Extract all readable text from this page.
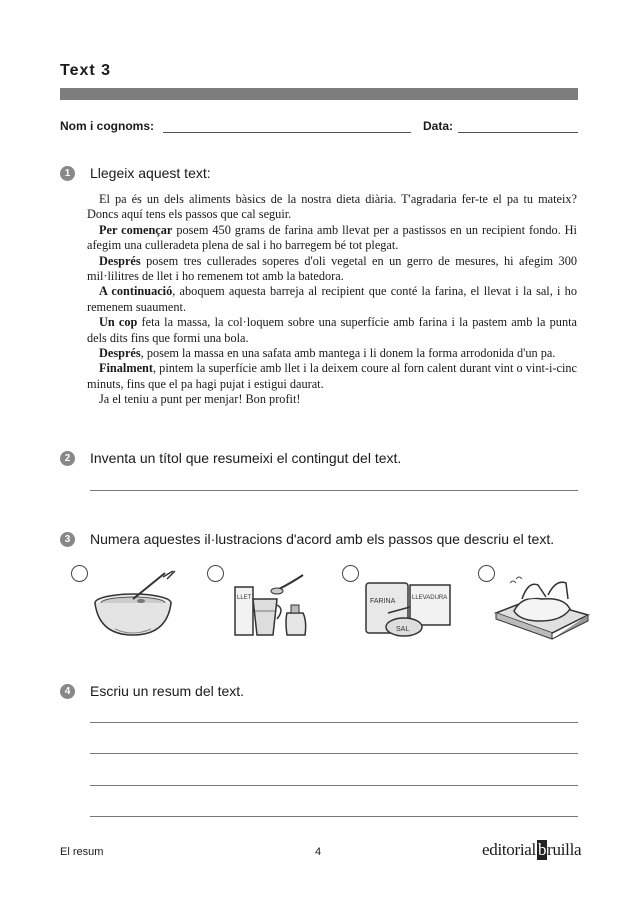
Text 3
Nom i cognoms:	Data:
1	Llegeix aquest text:

El pa és un dels aliments bàsics de la nostra dieta diària. T'agradaria fer-te el pa tu mateix? Doncs aquí tens els passos que cal seguir.

Per començar posem 450 grams de farina amb llevat per a pastissos en un recipient fondo. Hi afegim una culleradeta plena de sal i ho barregem bé tot plegat.

Després posem tres cullerades soperes d'oli vegetal en un gerro de mesures, hi afegim 300 mil·lilitres de llet i ho remenem tot amb la batedora.

A continuació, aboquem aquesta barreja al recipient que conté la farina, el llevat i la sal, i ho remenem suaument.

Un cop feta la massa, la col·loquem sobre una superfície amb farina i la pastem amb la punta dels dits fins que formi una bola.

Després, posem la massa en una safata amb mantega i li donem la forma arrodonida d'un pa.

Finalment, pintem la superfície amb llet i la deixem coure al forn calent durant vint o vint-i-cinc minuts, fins que el pa hagi pujat i estigui daurat.

Ja el teniu a punt per menjar! Bon profit!

2	Inventa un títol que resumeixi el contingut del text.
3	Numera aquestes il·lustracions d'acord amb els passos que descriu el text.
LLET	FARINA	LLEVADURA
SAL
4	Escriu un resum del text.
El resum	4	editorial bruilla
